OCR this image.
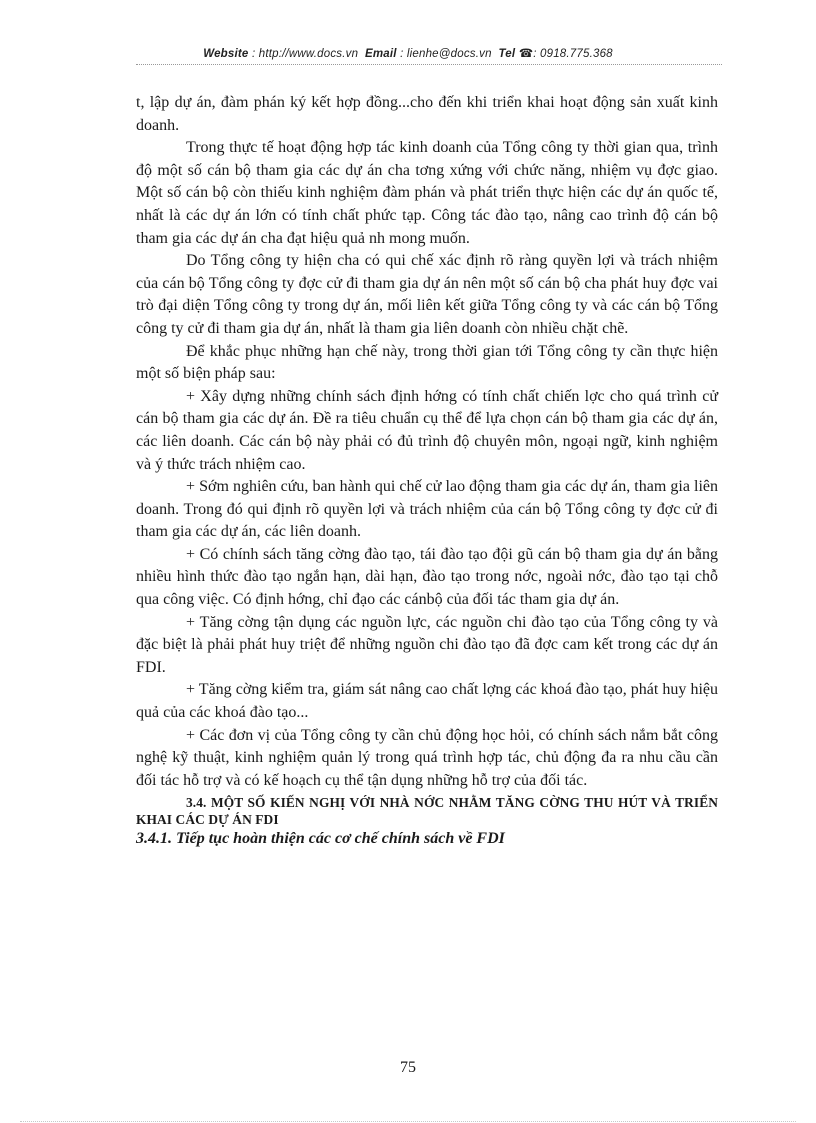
Website : http://www.docs.vn Email : lienhe@docs.vn Tel ☎: 0918.775.368

t, lập dự án, đàm phán ký kết hợp đồng...cho đến khi triển khai hoạt động sản xuất kinh doanh.

Trong thực tế hoạt động hợp tác kinh doanh của Tổng công ty thời gian qua, trình độ một số cán bộ tham gia các dự án cha tơng xứng với chức năng, nhiệm vụ đợc giao. Một số cán bộ còn thiếu kinh nghiệm đàm phán và phát triển thực hiện các dự án quốc tế, nhất là các dự án lớn có tính chất phức tạp. Công tác đào tạo, nâng cao trình độ cán bộ tham gia các dự án cha đạt hiệu quả nh mong muốn.

Do Tổng công ty hiện cha có qui chế xác định rõ ràng quyền lợi và trách nhiệm của cán bộ Tổng công ty đợc cử đi tham gia dự án nên một số cán bộ cha phát huy đợc vai trò đại diện Tổng công ty trong dự án, mối liên kết giữa Tổng công ty và các cán bộ Tổng công ty cử đi tham gia dự án, nhất là tham gia liên doanh còn nhiều chặt chẽ.

Để khắc phục những hạn chế này, trong thời gian tới Tổng công ty cần thực hiện một số biện pháp sau:

+ Xây dựng những chính sách định hớng có tính chất chiến lợc cho quá trình cử cán bộ tham gia các dự án. Đề ra tiêu chuẩn cụ thể để lựa chọn cán bộ tham gia các dự án, các liên doanh. Các cán bộ này phải có đủ trình độ chuyên môn, ngoại ngữ, kinh nghiệm và ý thức trách nhiệm cao.

+ Sớm nghiên cứu, ban hành qui chế cử lao động tham gia các dự án, tham gia liên doanh. Trong đó qui định rõ quyền lợi và trách nhiệm của cán bộ Tổng công ty đợc cử đi tham gia các dự án, các liên doanh.

+ Có chính sách tăng cờng đào tạo, tái đào tạo đội gũ cán bộ tham gia dự án bằng nhiều hình thức đào tạo ngắn hạn, dài hạn, đào tạo trong nớc, ngoài nớc, đào tạo tại chỗ qua công việc. Có định hớng, chỉ đạo các cánbộ của đối tác tham gia dự án.

+ Tăng cờng tận dụng các nguồn lực, các nguồn chi đào tạo của Tổng công ty và đặc biệt là phải phát huy triệt để những nguồn chi đào tạo đã đợc cam kết trong các dự án FDI.

+ Tăng cờng kiểm tra, giám sát nâng cao chất lợng các khoá đào tạo, phát huy hiệu quả của các khoá đào tạo...

+ Các đơn vị của Tổng công ty cần chủ động học hỏi, có chính sách nắm bắt công nghệ kỹ thuật, kinh nghiệm quản lý trong quá trình hợp tác, chủ động đa ra nhu cầu cần đối tác hỗ trợ và có kế hoạch cụ thể tận dụng những hỗ trợ của đối tác.

3.4. MỘT SỐ KIẾN NGHỊ VỚI NHÀ NỚC NHẰM TĂNG CỜNG THU HÚT VÀ TRIỂN KHAI CÁC DỰ ÁN FDI

3.4.1. Tiếp tục hoàn thiện các cơ chế chính sách về FDI

75
